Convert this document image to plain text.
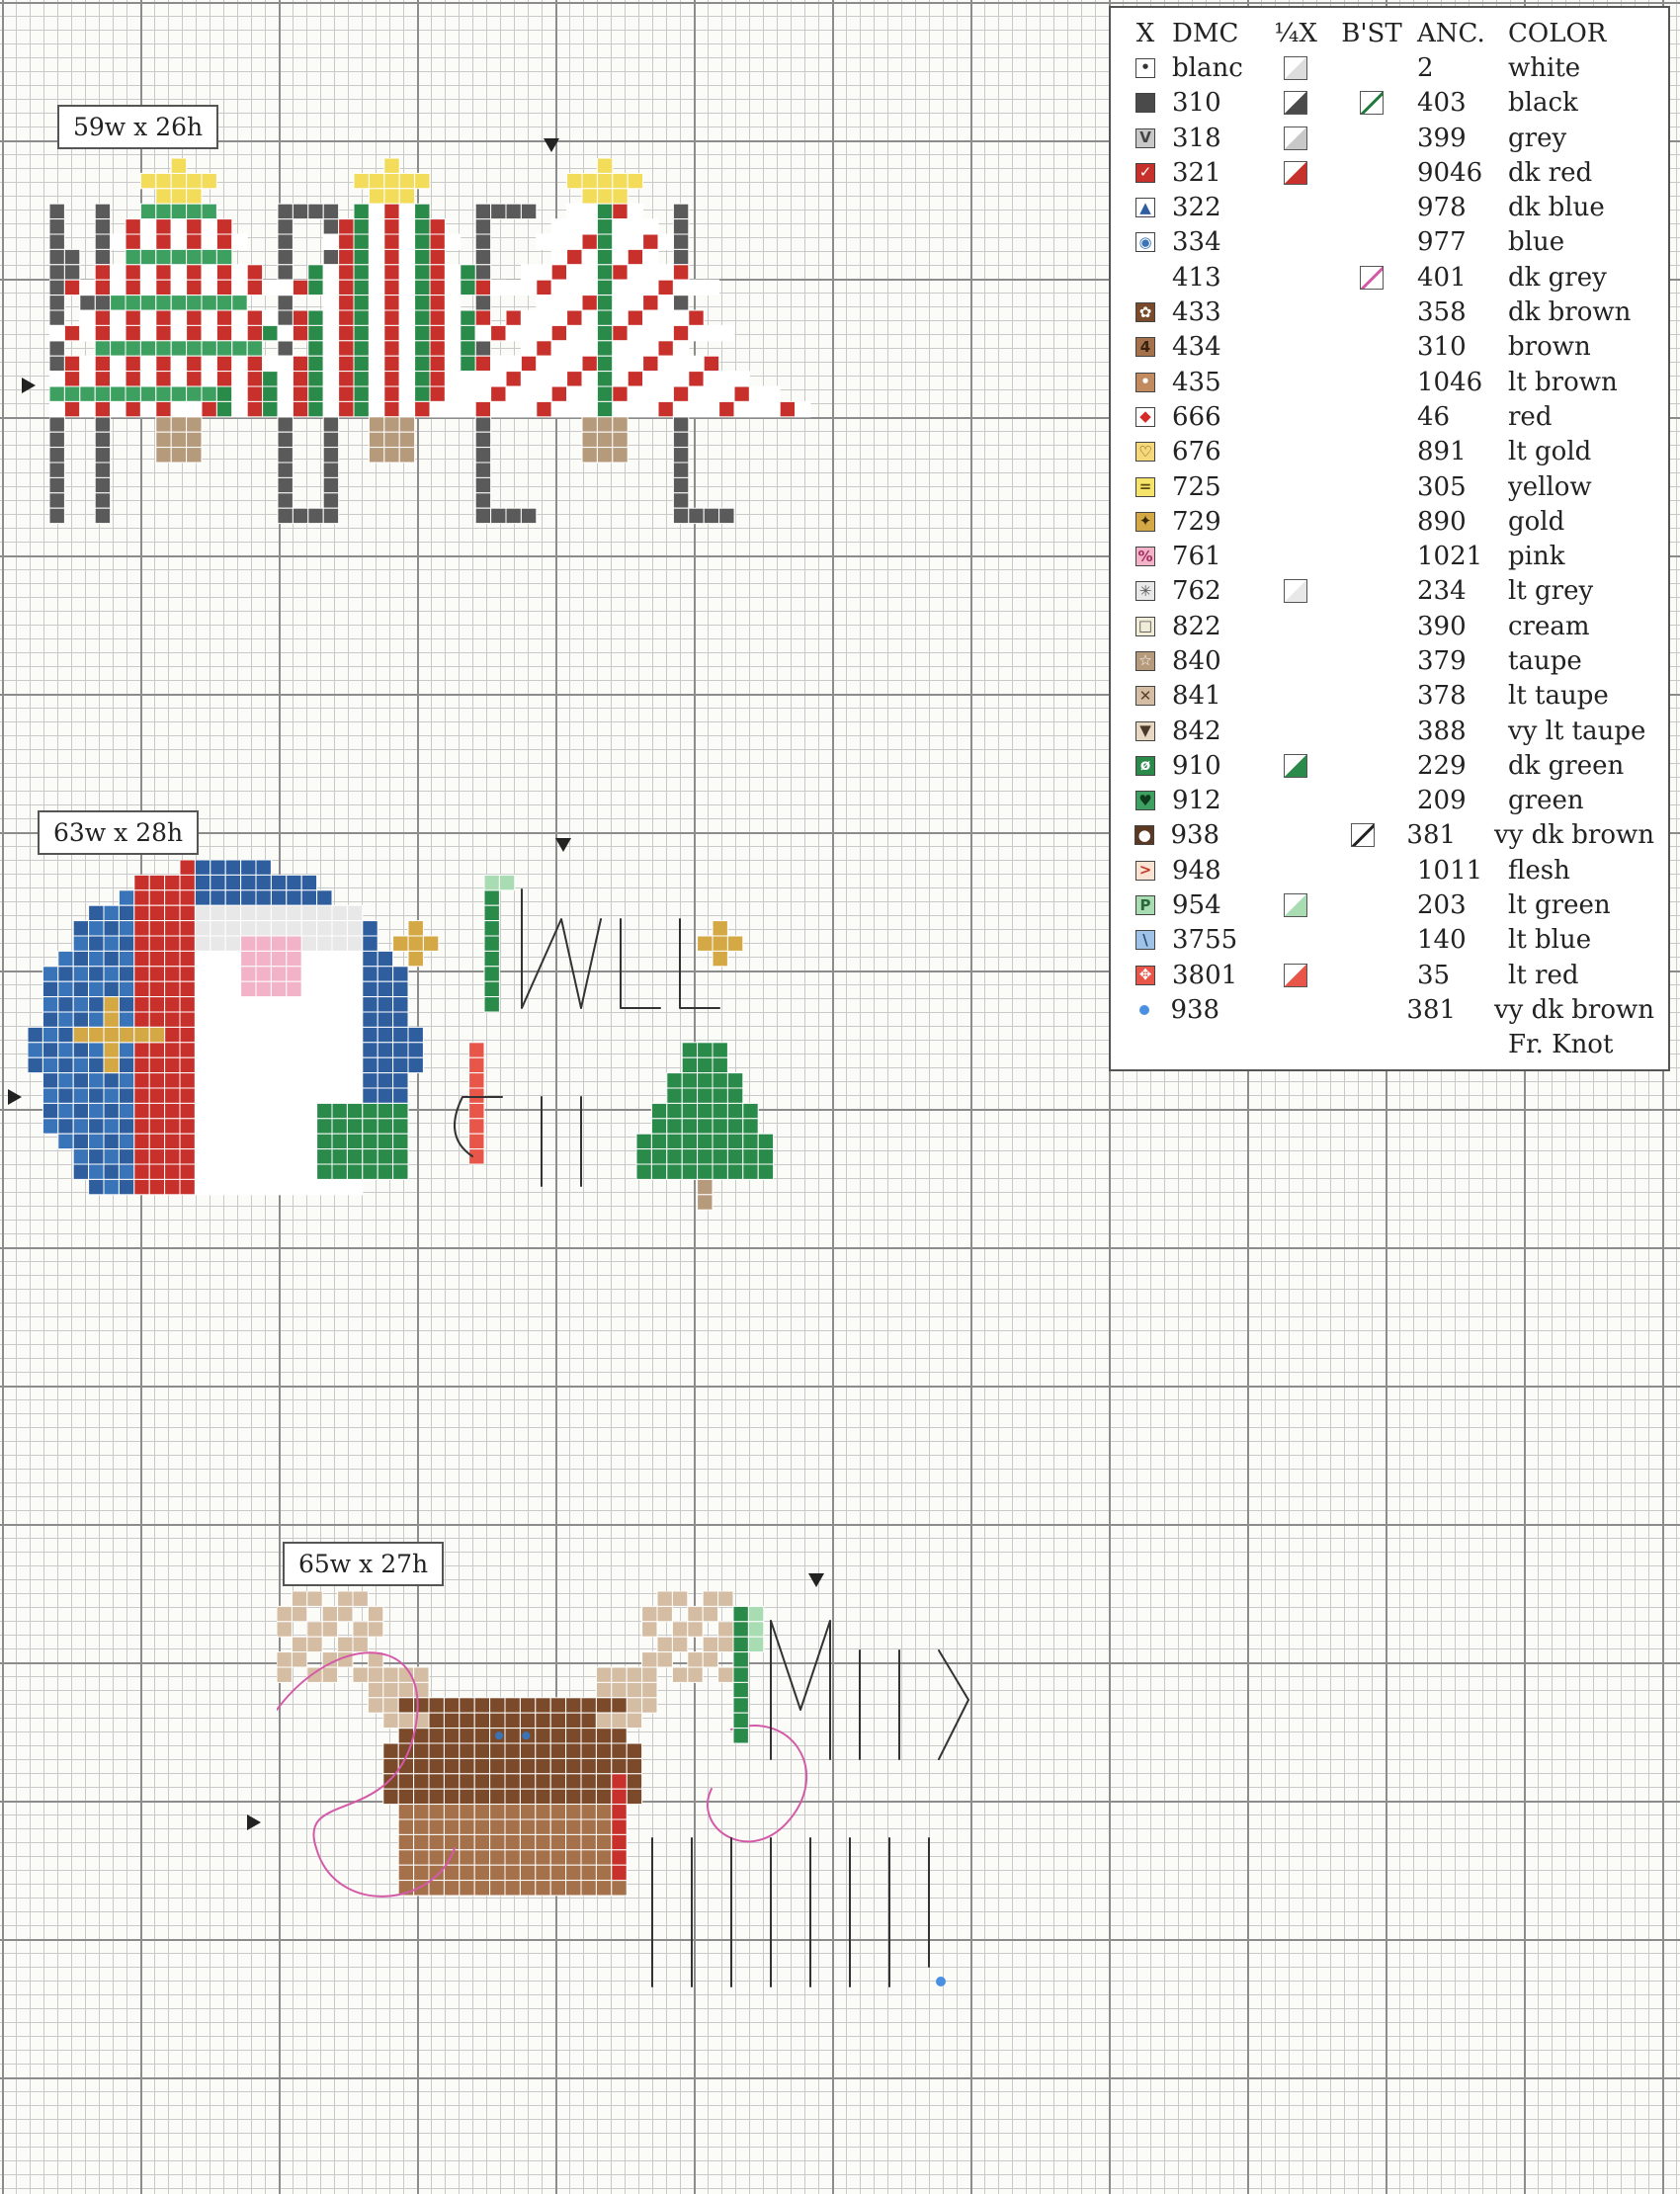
59w x 26h
63w x 28h
65w x 27h
X DMC	¼X B'ST ANC. COLOR
• blanc	2	white
310	403	black
V 318	399	grey
✓ 321	9046 dk red
▲ 322	978	dk blue
◉ 334	977	blue
413	401	dk grey
✿ 433	358	dk brown
4 434	310	brown
• 435	1046 lt brown
◆ 666	46	red
♡ 676	891	lt gold
= 725	305	yellow
✦ 729	890	gold
% 761	1021 pink
✳ 762	234	lt grey
□ 822	390	cream
☆ 840	379	taupe
✕ 841	378	lt taupe
▼ 842	388	vy lt taupe
ø 910	229	dk green
♥ 912	209	green
● 938	381	vy dk brown
> 948	1011 flesh
P 954	203	lt green
\ 3755	140	lt blue
✥ 3801	35	lt red
938	381	vy dk brown
Fr. Knot
